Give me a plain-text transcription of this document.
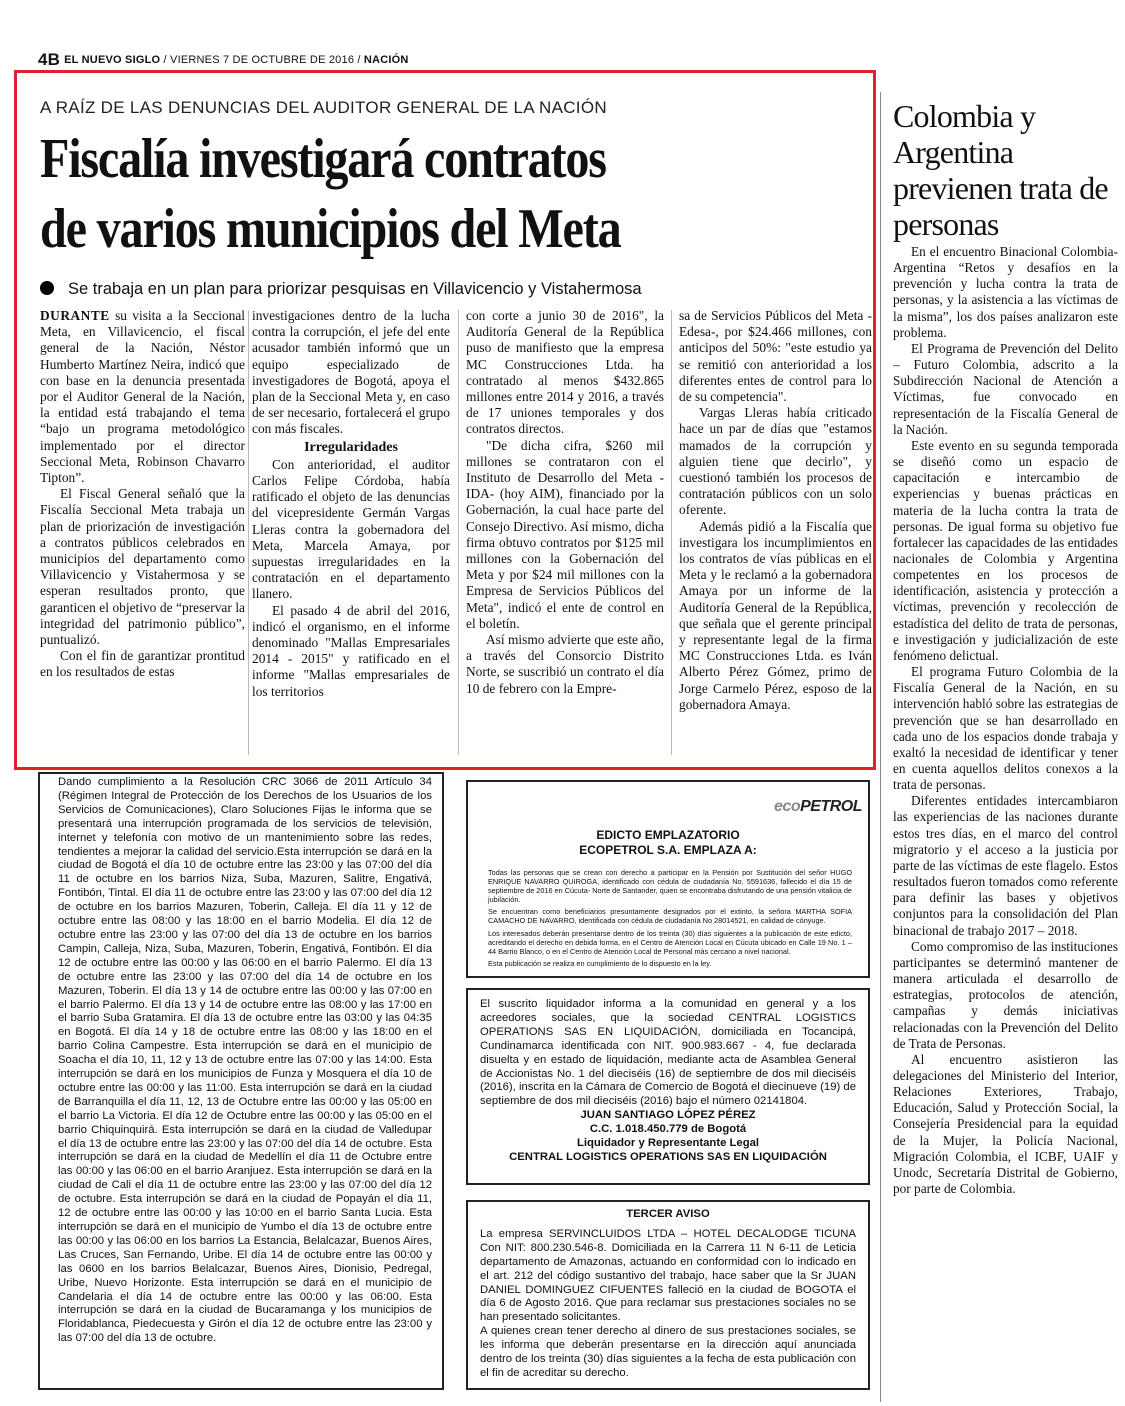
4B EL NUEVO SIGLO / VIERNES 7 DE OCTUBRE DE 2016 / NACIÓN
A RAÍZ DE LAS DENUNCIAS DEL AUDITOR GENERAL DE LA NACIÓN
Fiscalía investigará contratos
de varios municipios del Meta
Se trabaja en un plan para priorizar pesquisas en Villavicencio y Vistahermosa

DURANTE su visita a la Seccional Meta, en Villavicencio, el fiscal general de la Nación, Néstor Humberto Martínez Neira, indicó que con base en la denuncia presentada por el Auditor General de la Nación, la entidad está trabajando el tema “bajo un programa metodológico implementado por el director Seccional Meta, Robinson Chavarro Tipton”.

El Fiscal General señaló que la Fiscalía Seccional Meta trabaja un plan de priorización de investigación a contratos públicos celebrados en municipios del departamento como Villavicencio y Vistahermosa y se esperan resultados pronto, que garanticen el objetivo de “preservar la integridad del patrimonio público”, puntualizó.

Con el fin de garantizar prontitud en los resultados de estas

investigaciones dentro de la lucha contra la corrupción, el jefe del ente acusador también informó que un equipo especializado de investigadores de Bogotá, apoya el plan de la Seccional Meta y, en caso de ser necesario, fortalecerá el grupo con más fiscales.

Irregularidades

Con anterioridad, el auditor Carlos Felipe Córdoba, había ratificado el objeto de las denuncias del vicepresidente Germán Vargas Lleras contra la gobernadora del Meta, Marcela Amaya, por supuestas irregularidades en la contratación en el departamento llanero.

El pasado 4 de abril del 2016, indicó el organismo, en el informe denominado "Mallas Empresariales 2014 - 2015" y ratificado en el informe "Mallas empresariales de los territorios

con corte a junio 30 de 2016", la Auditoría General de la República puso de manifiesto que la empresa MC Construcciones Ltda. ha contratado al menos $432.865 millones entre 2014 y 2016, a través de 17 uniones temporales y dos contratos directos.

"De dicha cifra, $260 mil millones se contrataron con el Instituto de Desarrollo del Meta -IDA- (hoy AIM), financiado por la Gobernación, la cual hace parte del Consejo Directivo. Así mismo, dicha firma obtuvo contratos por $125 mil millones con la Gobernación del Meta y por $24 mil millones con la Empresa de Servicios Públicos del Meta", indicó el ente de control en el boletín.

Así mismo advierte que este año, a través del Consorcio Distrito Norte, se suscribió un contrato el día 10 de febrero con la Empre-

sa de Servicios Públicos del Meta -Edesa-, por $24.466 millones, con anticipos del 50%: "este estudio ya se remitió con anterioridad a los diferentes entes de control para lo de su competencia".

Vargas Lleras había criticado hace un par de días que "estamos mamados de la corrupción y alguien tiene que decirlo", y cuestionó también los procesos de contratación públicos con un solo oferente.

Además pidió a la Fiscalía que investigara los incumplimientos en los contratos de vías públicas en el Meta y le reclamó a la gobernadora Amaya por un informe de la Auditoría General de la República, que señala que el gerente principal y representante legal de la firma MC Construcciones Ltda. es Iván Alberto Pérez Gómez, primo de Jorge Carmelo Pérez, esposo de la gobernadora Amaya.

Colombia y Argentina previenen trata de personas

En el encuentro Binacional Colombia-Argentina “Retos y desafíos en la prevención y lucha contra la trata de personas, y la asistencia a las víctimas de la misma”, los dos países analizaron este problema.

El Programa de Prevención del Delito – Futuro Colombia, adscrito a la Subdirección Nacional de Atención a Víctimas, fue convocado en representación de la Fiscalía General de la Nación.

Este evento en su segunda temporada se diseñó como un espacio de capacitación e intercambio de experiencias y buenas prácticas en materia de la lucha contra la trata de personas. De igual forma su objetivo fue fortalecer las capacidades de las entidades nacionales de Colombia y Argentina competentes en los procesos de identificación, asistencia y protección a víctimas, prevención y recolección de estadística del delito de trata de personas, e investigación y judicialización de este fenómeno delictual.

El programa Futuro Colombia de la Fiscalía General de la Nación, en su intervención habló sobre las estrategias de prevención que se han desarrollado en cada uno de los espacios donde trabaja y exaltó la necesidad de identificar y tener en cuenta aquellos delitos conexos a la trata de personas.

Diferentes entidades intercambiaron las experiencias de las naciones durante estos tres días, en el marco del control migratorio y el acceso a la justicia por parte de las víctimas de este flagelo. Estos resultados fueron tomados como referente para definir las bases y objetivos conjuntos para la consolidación del Plan binacional de trabajo 2017 – 2018.

Como compromiso de las instituciones participantes se determinó mantener de manera articulada el desarrollo de estrategias, protocolos de atención, campañas y demás iniciativas relacionadas con la Prevención del Delito de Trata de Personas.

Al encuentro asistieron las delegaciones del Ministerio del Interior, Relaciones Exteriores, Trabajo, Educación, Salud y Protección Social, la Consejería Presidencial para la equidad de la Mujer, la Policía Nacional, Migración Colombia, el ICBF, UAIF y Unodc, Secretaría Distrital de Gobierno, por parte de Colombia.

Dando cumplimiento a la Resolución CRC 3066 de 2011 Artículo 34 (Régimen Integral de Protección de los Derechos de los Usuarios de los Servicios de Comunicaciones), Claro Soluciones Fijas le informa que se presentará una interrupción programada de los servicios de televisión, internet y telefonía con motivo de un mantenimiento sobre las redes, tendientes a mejorar la calidad del servicio.Esta interrupción se dará en la ciudad de Bogotá el día 10 de octubre entre las 23:00 y las 07:00 del día 11 de octubre en los barrios Niza, Suba, Mazuren, Salitre, Engativá, Fontibón, Tintal. El día 11 de octubre entre las 23:00 y las 07:00 del día 12 de octubre en los barrios Mazuren, Toberin, Calleja. El día 11 y 12 de octubre entre las 08:00 y las 18:00 en el barrio Modelia. El día 12 de octubre entre las 23:00 y las 07:00 del día 13 de octubre en los barrios Campin, Calleja, Niza, Suba, Mazuren, Toberin, Engativá, Fontibón. El día 12 de octubre entre las 00:00 y las 06:00 en el barrio Palermo. El día 13 de octubre entre las 23:00 y las 07:00 del día 14 de octubre en los Mazuren, Toberin. El día 13 y 14 de octubre entre las 00:00 y las 07:00 en el barrio Palermo. El día 13 y 14 de octubre entre las 08:00 y las 17:00 en el barrio Suba Gratamira. El día 13 de octubre entre las 03:00 y las 04:35 en Bogotá. El día 14 y 18 de octubre entre las 08:00 y las 18:00 en el barrio Colina Campestre. Esta interrupción se dará en el municipio de Soacha el día 10, 11, 12 y 13 de octubre entre las 07:00 y las 14:00. Esta interrupción se dará en los municipios de Funza y Mosquera el día 10 de octubre entre las 00:00 y las 11:00. Esta interrupción se dará en la ciudad de Barranquilla el día 11, 12, 13 de Octubre entre las 00:00 y las 05:00 en el barrio La Victoria. El día 12 de Octubre entre las 00:00 y las 05:00 en el barrio Chiquinquirá. Esta interrupción se dará en la ciudad de Valledupar el día 13 de octubre entre las 23:00 y las 07:00 del día 14 de octubre. Esta interrupción se dará en la ciudad de Medellín el día 11 de Octubre entre las 00:00 y las 06:00 en el barrio Aranjuez. Esta interrupción se dará en la ciudad de Cali el día 11 de octubre entre las 23:00 y las 07:00 del día 12 de octubre. Esta interrupción se dará en la ciudad de Popayán el día 11, 12 de octubre entre las 00:00 y las 10:00 en el barrio Santa Lucia. Esta interrupción se dará en el municipio de Yumbo el día 13 de octubre entre las 00:00 y las 06:00 en los barrios La Estancia, Belalcazar, Buenos Aires, Las Cruces, San Fernando, Uribe. El día 14 de octubre entre las 00:00 y las 0600 en los barrios Belalcazar, Buenos Aires, Dionisio, Pedregal, Uribe, Nuevo Horizonte. Esta interrupción se dará en el municipio de Candelaria el día 14 de octubre entre las 00:00 y las 06:00. Esta interrupción se dará en la ciudad de Bucaramanga y los municipios de Floridablanca, Piedecuesta y Girón el día 12 de octubre entre las 23:00 y las 07:00 del día 13 de octubre.
ecoPETROL
EDICTO EMPLAZATORIO
ECOPETROL S.A. EMPLAZA A:

Todas las personas que se crean con derecho a participar en la Pensión por Sustitución del señor HUGO ENRIQUE NAVARRO QUIROGA, identificado con cédula de ciudadanía No. 5591636, fallecido el día 15 de septiembre de 2016 en Cúcuta- Norte de Santander, quien se encontraba disfrutando de una pensión vitalicia de jubilación.

Se encuentran como beneficiarios presuntamente designados por el extinto, la señora MARTHA SOFIA CAMACHO DE NAVARRO, identificada con cédula de ciudadanía No 28014521, en calidad de cónyuge.

Los interesados deberán presentarse dentro de los treinta (30) días siguientes a la publicación de este edicto, acreditando el derecho en debida forma, en el Centro de Atención Local en Cúcuta ubicado en Calle 19 No. 1 – 44 Barrio Blanco, o en el Centro de Atención Local de Personal más cercano a nivel nacional.

Esta publicación se realiza en cumplimiento de lo dispuesto en la ley.

El suscrito liquidador informa a la comunidad en general y a los acreedores sociales, que la sociedad CENTRAL LOGISTICS OPERATIONS SAS EN LIQUIDACIÓN, domiciliada en Tocancipá, Cundinamarca identificada con NIT. 900.983.667 - 4, fue declarada disuelta y en estado de liquidación, mediante acta de Asamblea General de Accionistas No. 1 del dieciséis (16) de septiembre de dos mil dieciséis (2016), inscrita en la Cámara de Comercio de Bogotá el diecinueve (19) de septiembre de dos mil dieciséis (2016) bajo el número 02141804.
JUAN SANTIAGO LÓPEZ PÉREZ
C.C. 1.018.450.779 de Bogotá
Liquidador y Representante Legal
CENTRAL LOGISTICS OPERATIONS SAS EN LIQUIDACIÓN
TERCER AVISO
La empresa SERVINCLUIDOS LTDA – HOTEL DECALODGE TICUNA Con NIT: 800.230.546-8. Domiciliada en la Carrera 11 N 6-11 de Leticia departamento de Amazonas, actuando en conformidad con lo indicado en el art. 212 del código sustantivo del trabajo, hace saber que la Sr JUAN DANIEL DOMINGUEZ CIFUENTES falleció en la ciudad de BOGOTA el día 6 de Agosto 2016. Que para reclamar sus prestaciones sociales no se han presentado solicitantes.
A quienes crean tener derecho al dinero de sus prestaciones sociales, se les informa que deberán presentarse en la dirección aquí anunciada dentro de los treinta (30) días siguientes a la fecha de esta publicación con el fin de acreditar su derecho.
